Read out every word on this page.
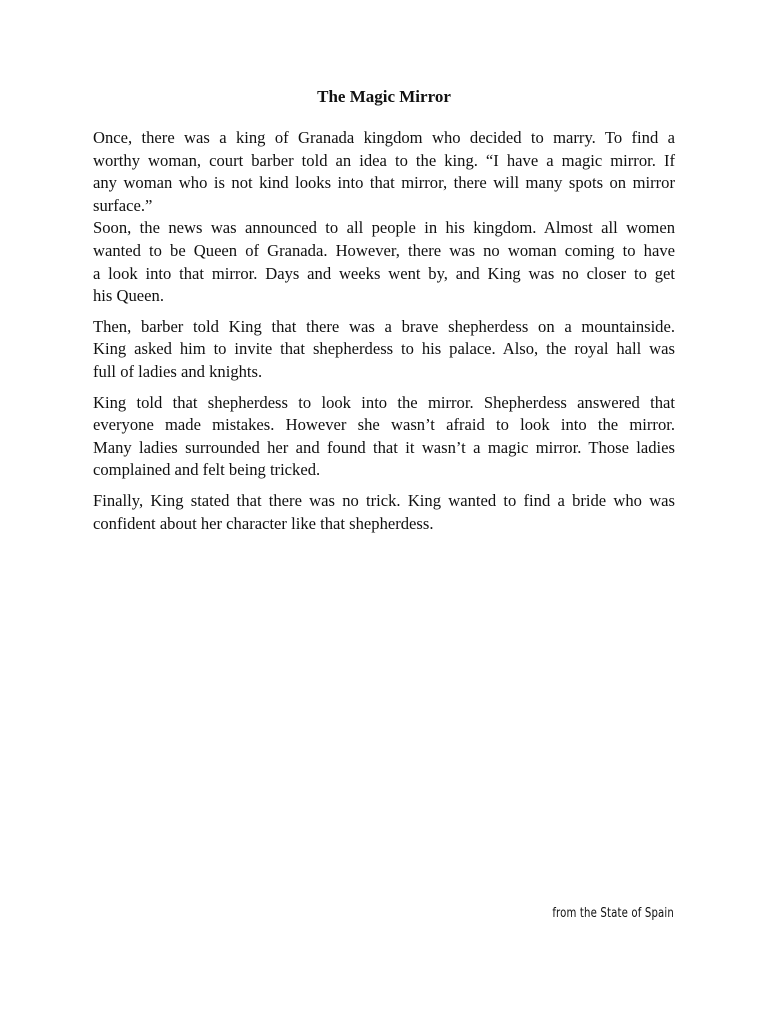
The Magic Mirror

Once, there was a king of Granada kingdom who decided to marry. To find a
worthy woman, court barber told an idea to the king. “I have a magic mirror. If
any woman who is not kind looks into that mirror, there will many spots on mirror
surface.”

Soon, the news was announced to all people in his kingdom. Almost all women
wanted to be Queen of Granada. However, there was no woman coming to have
a look into that mirror. Days and weeks went by, and King was no closer to get
his Queen.

Then, barber told King that there was a brave shepherdess on a mountainside.
King asked him to invite that shepherdess to his palace. Also, the royal hall was
full of ladies and knights.

King told that shepherdess to look into the mirror. Shepherdess answered that
everyone made mistakes. However she wasn’t afraid to look into the mirror.
Many ladies surrounded her and found that it wasn’t a magic mirror. Those ladies
complained and felt being tricked.

Finally, King stated that there was no trick. King wanted to find a bride who was
confident about her character like that shepherdess.

from the State of Spain
